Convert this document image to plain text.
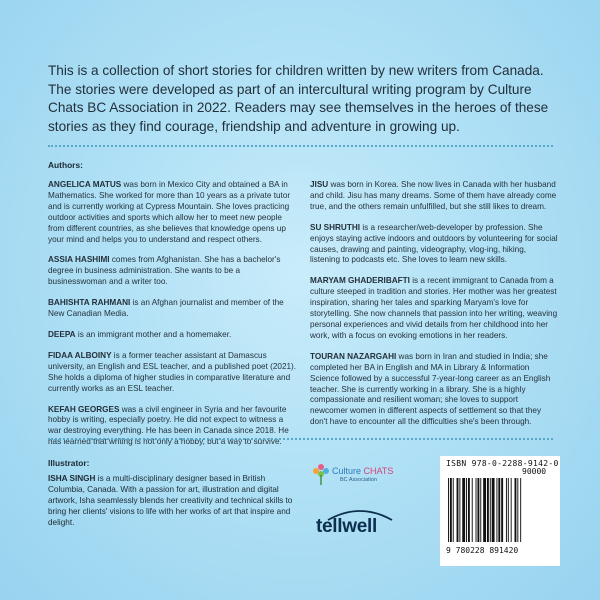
This is a collection of short stories for children written by new writers from Canada. The stories were developed as part of an intercultural writing program by Culture Chats BC Association in 2022. Readers may see themselves in the heroes of these stories as they find courage, friendship and adventure in growing up.
Authors:

ANGELICA MATUS was born in Mexico City and obtained a BA in Mathematics. She worked for more than 10 years as a private tutor and is currently working at Cypress Mountain. She loves practicing outdoor activities and sports which allow her to meet new people from different countries, as she believes that knowledge opens up your mind and helps you to understand and respect others.

ASSIA HASHIMI comes from Afghanistan. She has a bachelor's degree in business administration. She wants to be a businesswoman and a writer too.

BAHISHTA RAHMANI is an Afghan journalist and member of the New Canadian Media.

DEEPA is an immigrant mother and a homemaker.

FIDAA ALBOINY is a former teacher assistant at Damascus university, an English and ESL teacher, and a published poet (2021). She holds a diploma of higher studies in comparative literature and currently works as an ESL teacher.

KEFAH GEORGES was a civil engineer in Syria and her favourite hobby is writing, especially poetry. He did not expect to witness a war destroying everything. He has been in Canada since 2018. He has learned that writing is not only a hobby, but a way to survive.

JISU was born in Korea. She now lives in Canada with her husband and child. Jisu has many dreams. Some of them have already come true, and the others remain unfulfilled, but she still likes to dream.

SU SHRUTHI is a researcher/web-developer by profession. She enjoys staying active indoors and outdoors by volunteering for social causes, drawing and painting, videography, vlog-ing, hiking, listening to podcasts etc. She loves to learn new skills.

MARYAM GHADERIBAFTI is a recent immigrant to Canada from a culture steeped in tradition and stories. Her mother was her greatest inspiration, sharing her tales and sparking Maryam's love for storytelling. She now channels that passion into her writing, weaving personal experiences and vivid details from her childhood into her work, with a focus on evoking emotions in her readers.

TOURAN NAZARGAHI was born in Iran and studied in India; she completed her BA in English and MA in Library & Information Science followed by a successful 7-year-long career as an English teacher. She is currently working in a library. She is a highly compassionate and resilient woman; she loves to support newcomer women in different aspects of settlement so that they don't have to encounter all the difficulties she's been through.

Illustrator:
ISHA SINGH is a multi-disciplinary designer based in British Columbia, Canada. With a passion for art, illustration and digital artwork, Isha seamlessly blends her creativity and technical skills to bring her clients' visions to life with her works of art that inspire and delight.
Culture CHATS
BC Association
tellwell
ISBN 978-0-2288-9142-0
90000
9 780228 891420
